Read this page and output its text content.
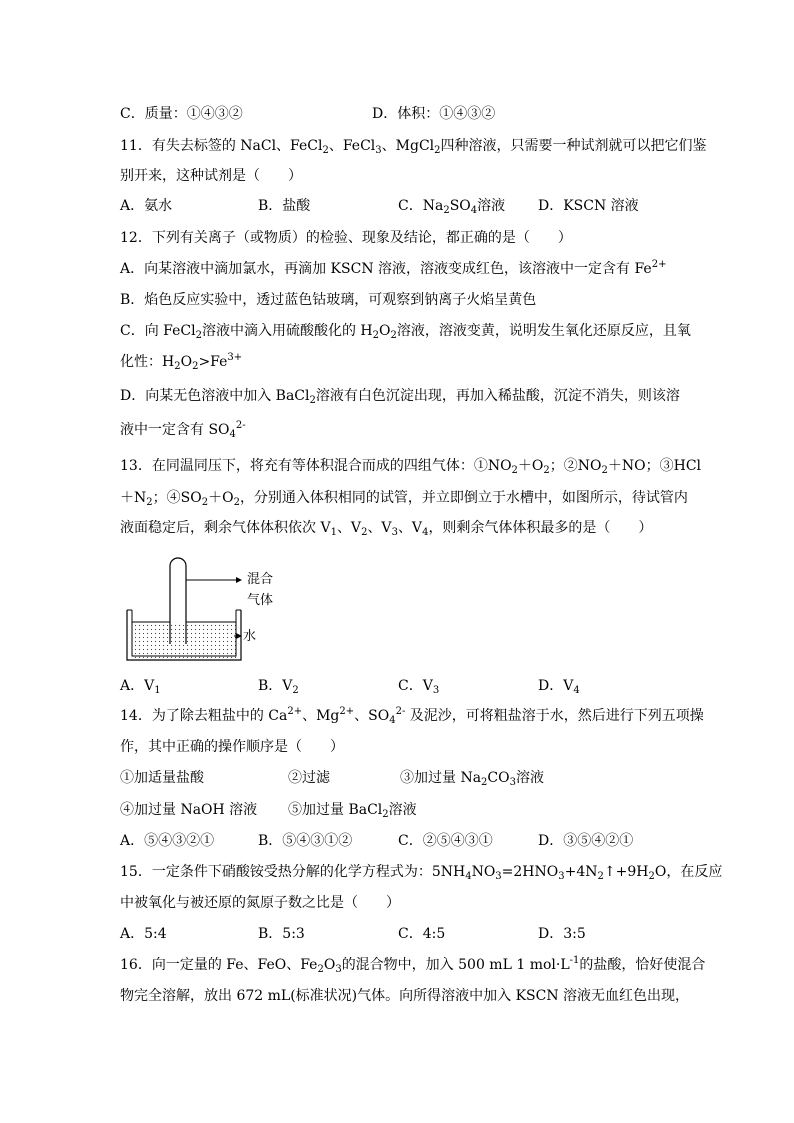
C．质量：①④③②	D．体积：①④③②
11．有失去标签的 NaCl、FeCl$_2$、FeCl$_3$、MgCl$_2$四种溶液，只需要一种试剂就可以把它们鉴
别开来，这种试剂是（　　）
A．氨水	B．盐酸	C．$Na_2SO_4$溶液 D．KSCN 溶液
12．下列有关离子（或物质）的检验、现象及结论，都正确的是（　　）
A．向某溶液中滴加氯水，再滴加 KSCN 溶液，溶液变成红色，该溶液中一定含有 $Fe^{2+}$
B．焰色反应实验中，透过蓝色钴玻璃，可观察到钠离子火焰呈黄色
C．向 FeCl$_2$溶液中滴入用硫酸酸化的 $H_2O_2$溶液，溶液变黄，说明发生氧化还原反应，且氧
化性：$H_2O_2>Fe^{3+}$
D．向某无色溶液中加入 BaCl$_2$溶液有白色沉淀出现，再加入稀盐酸，沉淀不消失，则该溶
液中一定含有 $SO_4^{2-}$
13．在同温同压下，将充有等体积混合而成的四组气体：$①NO_2+O_2$；$②NO_2+NO$；③HCl
$+N_2$；$④SO_2+O_2$，分别通入体积相同的试管，并立即倒立于水槽中，如图所示，待试管内
液面稳定后，剩余气体体积依次 $V_1$、$V_2$、$V_3$、$V_4$，则剩余气体体积最多的是（　　）
混合
气体
水
A．$V_1$	B．$V_2$	C．$V_3$	D．$V_4$
14．为了除去粗盐中的 $Ca^{2+}$、$Mg^{2+}$、$SO_4^{2-}$ 及泥沙，可将粗盐溶于水，然后进行下列五项操
作，其中正确的操作顺序是（　　）
①加适量盐酸	②过滤	③加过量 $Na_2CO_3$溶液
④加过量 NaOH 溶液 ⑤加过量 BaCl$_2$溶液
A．⑤④③②①	B．⑤④③①②	C．②⑤④③①	D．③⑤④②①
15．一定条件下硝酸铵受热分解的化学方程式为：$5NH_4NO_3=2HNO_3+4N_2↑+9H_2O$，在反应
中被氧化与被还原的氮原子数之比是（　　）
A．5:4	B．5:3	C．4:5	D．3:5
16．向一定量的 Fe、FeO、$Fe_2O_3$的混合物中，加入 500 mL 1 $mol\cdot L^{-1}$的盐酸，恰好使混合
物完全溶解，放出 672 mL(标准状况)气体。向所得溶液中加入 KSCN 溶液无血红色出现，
